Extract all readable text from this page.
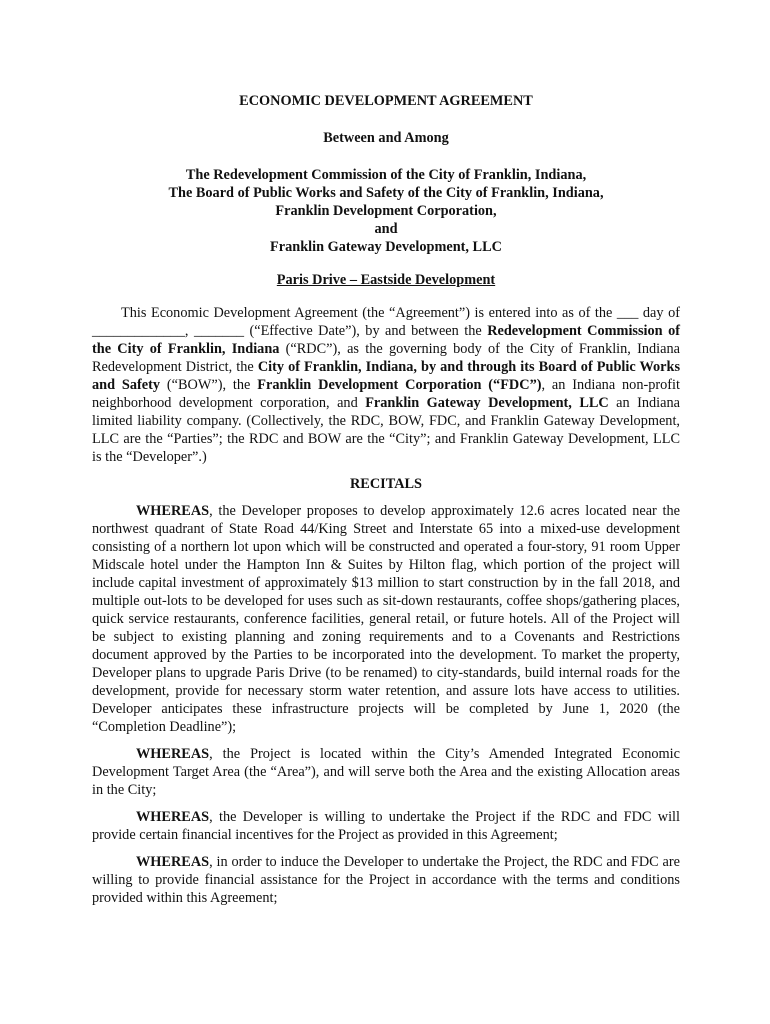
ECONOMIC DEVELOPMENT AGREEMENT
Between and Among
The Redevelopment Commission of the City of Franklin, Indiana,
The Board of Public Works and Safety of the City of Franklin, Indiana,
Franklin Development Corporation,
and
Franklin Gateway Development, LLC
Paris Drive – Eastside Development

This Economic Development Agreement (the “Agreement”) is entered into as of the ___ day of _____________, _______ (“Effective Date”), by and between the Redevelopment Commission of the City of Franklin, Indiana (“RDC”), as the governing body of the City of Franklin, Indiana Redevelopment District, the City of Franklin, Indiana, by and through its Board of Public Works and Safety (“BOW”), the Franklin Development Corporation (“FDC”), an Indiana non-profit neighborhood development corporation, and Franklin Gateway Development, LLC an Indiana limited liability company. (Collectively, the RDC, BOW, FDC, and Franklin Gateway Development, LLC are the “Parties”; the RDC and BOW are the “City”; and Franklin Gateway Development, LLC is the “Developer”.)

RECITALS

WHEREAS, the Developer proposes to develop approximately 12.6 acres located near the northwest quadrant of State Road 44/King Street and Interstate 65 into a mixed-use development consisting of a northern lot upon which will be constructed and operated a four-story, 91 room Upper Midscale hotel under the Hampton Inn & Suites by Hilton flag, which portion of the project will include capital investment of approximately $13 million to start construction by in the fall 2018, and multiple out-lots to be developed for uses such as sit-down restaurants, coffee shops/gathering places, quick service restaurants, conference facilities, general retail, or future hotels. All of the Project will be subject to existing planning and zoning requirements and to a Covenants and Restrictions document approved by the Parties to be incorporated into the development. To market the property, Developer plans to upgrade Paris Drive (to be renamed) to city-standards, build internal roads for the development, provide for necessary storm water retention, and assure lots have access to utilities. Developer anticipates these infrastructure projects will be completed by June 1, 2020 (the “Completion Deadline”);

WHEREAS, the Project is located within the City’s Amended Integrated Economic Development Target Area (the “Area”), and will serve both the Area and the existing Allocation areas in the City;

WHEREAS, the Developer is willing to undertake the Project if the RDC and FDC will provide certain financial incentives for the Project as provided in this Agreement;

WHEREAS, in order to induce the Developer to undertake the Project, the RDC and FDC are willing to provide financial assistance for the Project in accordance with the terms and conditions provided within this Agreement;
